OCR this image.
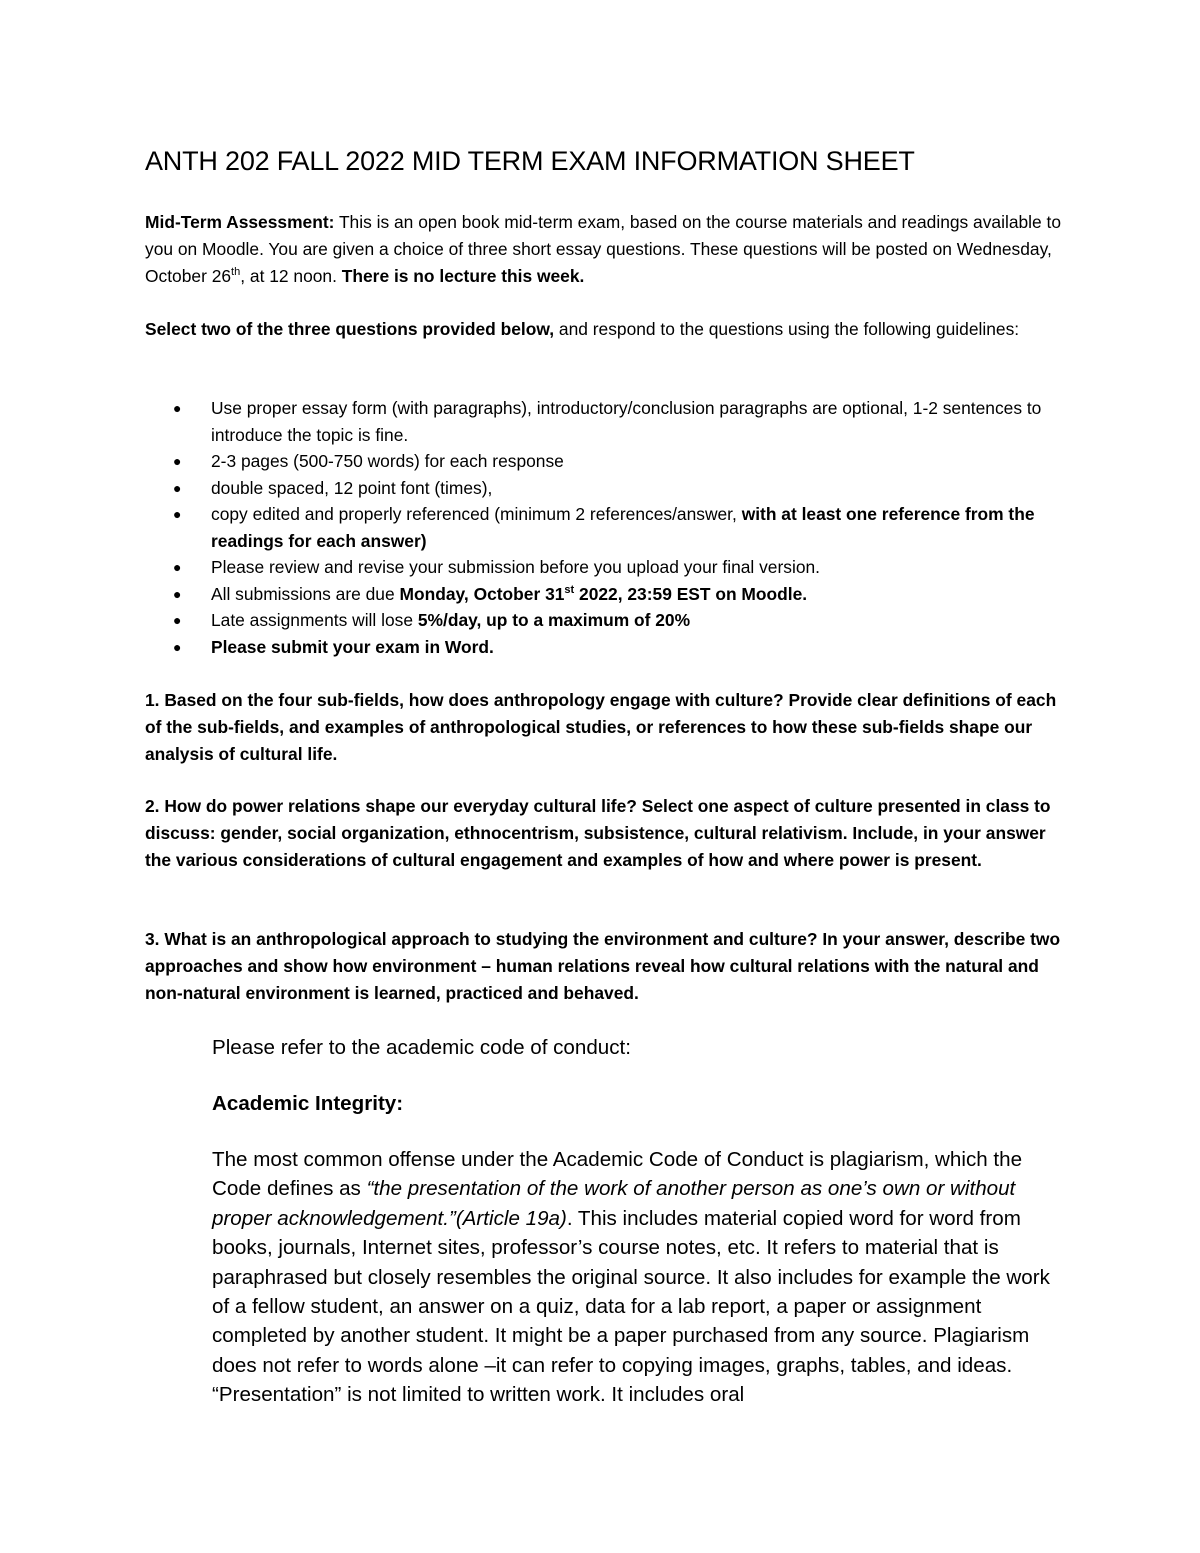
ANTH 202 FALL 2022 MID TERM EXAM INFORMATION SHEET

Mid-Term Assessment: This is an open book mid-term exam, based on the course materials and readings available to you on Moodle. You are given a choice of three short essay questions. These questions will be posted on Wednesday, October 26th, at 12 noon. There is no lecture this week.

Select two of the three questions provided below, and respond to the questions using the following guidelines:

● Use proper essay form (with paragraphs), introductory/conclusion paragraphs are optional, 1-2 sentences to introduce the topic is fine.
● 2-3 pages (500-750 words) for each response
● double spaced, 12 point font (times),
● copy edited and properly referenced (minimum 2 references/answer, with at least one reference from the readings for each answer)
● Please review and revise your submission before you upload your final version.
● All submissions are due Monday, October 31st 2022, 23:59 EST on Moodle.
● Late assignments will lose 5%/day, up to a maximum of 20%
● Please submit your exam in Word.

1. Based on the four sub-fields, how does anthropology engage with culture? Provide clear definitions of each of the sub-fields, and examples of anthropological studies, or references to how these sub-fields shape our analysis of cultural life.

2. How do power relations shape our everyday cultural life? Select one aspect of culture presented in class to discuss: gender, social organization, ethnocentrism, subsistence, cultural relativism. Include, in your answer the various considerations of cultural engagement and examples of how and where power is present.

3. What is an anthropological approach to studying the environment and culture? In your answer, describe two approaches and show how environment – human relations reveal how cultural relations with the natural and non-natural environment is learned, practiced and behaved.

Please refer to the academic code of conduct:

Academic Integrity:

The most common offense under the Academic Code of Conduct is plagiarism, which the Code defines as “the presentation of the work of another person as one’s own or without proper acknowledgement.”(Article 19a). This includes material copied word for word from books, journals, Internet sites, professor’s course notes, etc. It refers to material that is paraphrased but closely resembles the original source. It also includes for example the work of a fellow student, an answer on a quiz, data for a lab report, a paper or assignment completed by another student. It might be a paper purchased from any source. Plagiarism does not refer to words alone –it can refer to copying images, graphs, tables, and ideas. “Presentation” is not limited to written work. It includes oral
